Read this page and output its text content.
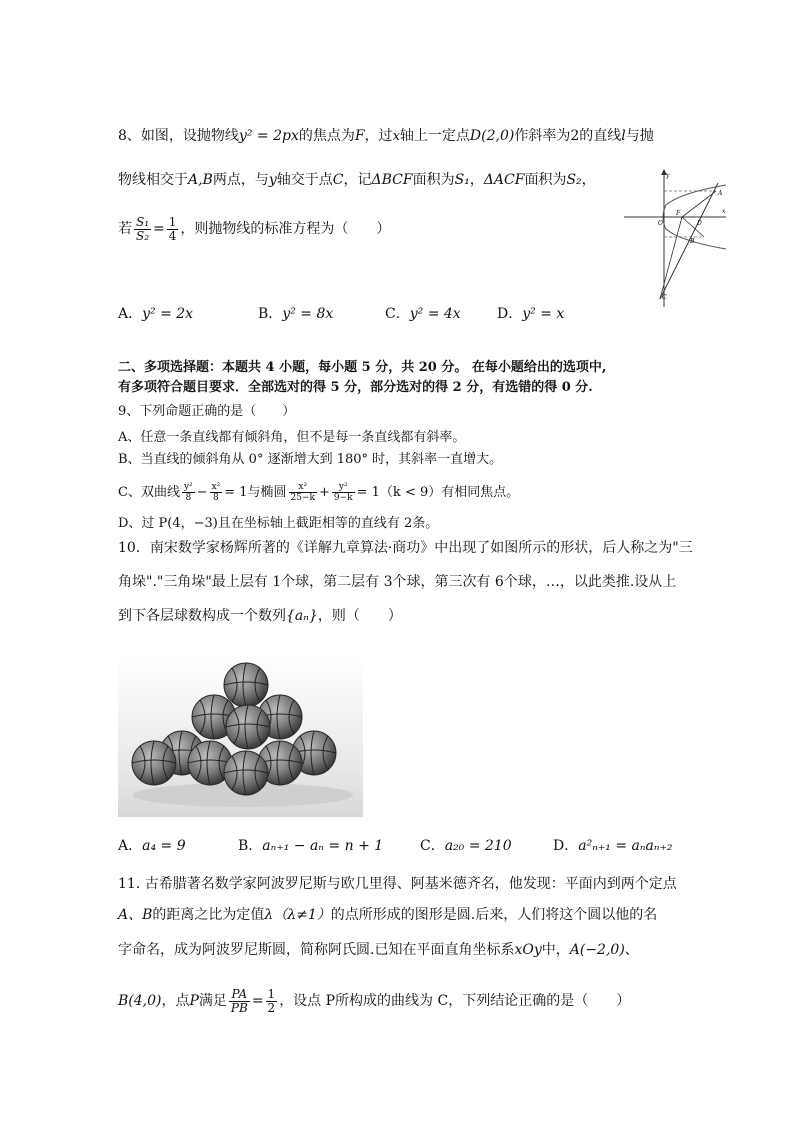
8、如图，设抛物线y² = 2px的焦点为F，过x轴上一定点D(2,0)作斜率为2的直线l与抛
物线相交于A,B两点，与y轴交于点C，记ΔBCF面积为S₁，ΔACF面积为S₂，
若 $\frac{\text{S₁}}{\text{S₂}} = \frac{1}{4}$ ，则抛物线的标准方程为（　　）
A
B
C
F
D
O
x
y
A．y² = 2x	B．y² = 8x	C．y² = 4x	D．y² = x
二、多项选择题：本题共 4 小题，每小题 5 分，共 20 分。 在每小题给出的选项中,
有多项符合题目要求．全部选对的得 5 分，部分选对的得 2 分，有选错的得 0 分.
9、下列命题正确的是（　　）
A、任意一条直线都有倾斜角，但不是每一条直线都有斜率。
B、当直线的倾斜角从 0° 逐渐增大到 180° 时，其斜率一直增大。
C、双曲线 $\frac{\text{y²}}{8} - \frac{\text{x²}}{8} = 1$与椭圆 $\frac{\text{x²}}{25-k} + \frac{\text{y²}}{9-k} = 1(k < 9)$有相同焦点。
D、过 P(4，−3)且在坐标轴上截距相等的直线有 2条。
10．南宋数学家杨辉所著的《详解九章算法·商功》中出现了如图所示的形状，后人称之为"三
角垛"."三角垛"最上层有 1个球，第二层有 3个球，第三次有 6个球，…，以此类推.设从上
到下各层球数构成一个数列{aₙ}，则（　　）
A．a₄ = 9	B．aₙ₊₁ − aₙ = n + 1	C．a₂₀ = 210	D．a²ₙ₊₁ = aₙaₙ₊₂
11. 古希腊著名数学家阿波罗尼斯与欧几里得、阿基米德齐名，他发现：平面内到两个定点
A、B的距离之比为定值λ（λ≠1）的点所形成的图形是圆.后来，人们将这个圆以他的名
字命名，成为阿波罗尼斯圆，简称阿氏圆.已知在平面直角坐标系xOy中，A(−2,0)、
B(4,0)，点P满足 $\frac{PA}{PB} = \frac{1}{2}$ ，设点 P所构成的曲线为 C，下列结论正确的是（　　）
